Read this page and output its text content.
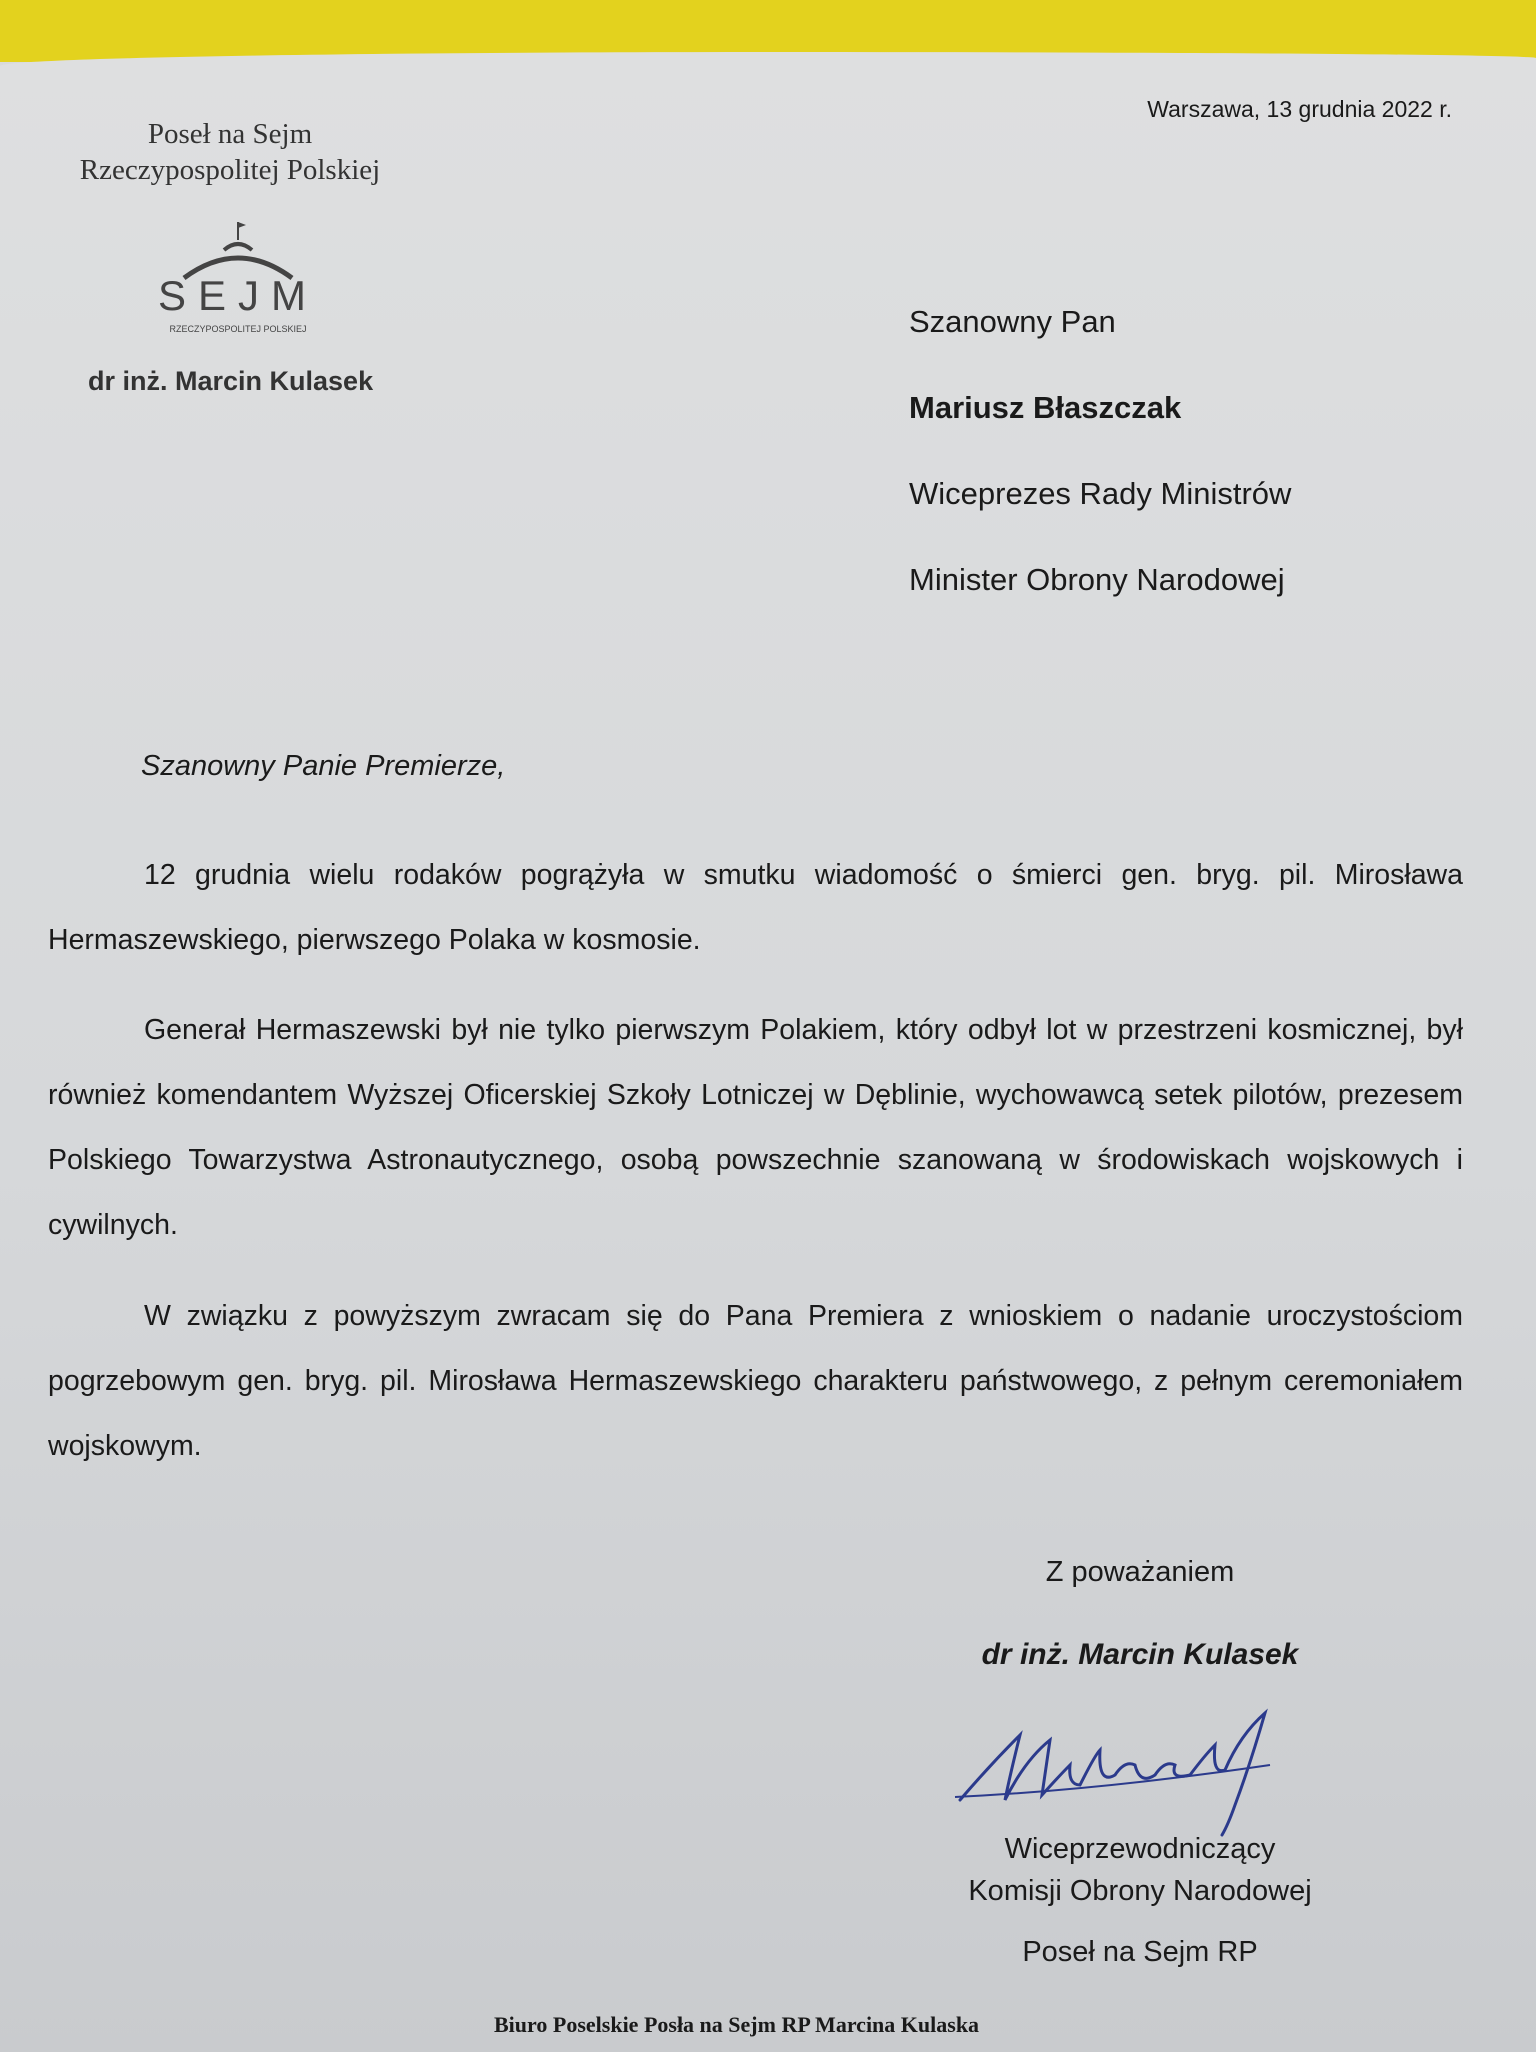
Poseł na Sejm
Rzeczypospolitej Polskiej
SEJM
RZECZYPOSPOLITEJ POLSKIEJ
dr inż. Marcin Kulasek
Warszawa, 13 grudnia 2022 r.
Szanowny Pan
Mariusz Błaszczak
Wiceprezes Rady Ministrów
Minister Obrony Narodowej
Szanowny Panie Premierze,

12 grudnia wielu rodaków pogrążyła w smutku wiadomość o śmierci gen. bryg. pil. Mirosława Hermaszewskiego, pierwszego Polaka w kosmosie.

Generał Hermaszewski był nie tylko pierwszym Polakiem, który odbył lot w przestrzeni kosmicznej, był również komendantem Wyższej Oficerskiej Szkoły Lotniczej w Dęblinie, wychowawcą setek pilotów, prezesem Polskiego Towarzystwa Astronautycznego, osobą powszechnie szanowaną w środowiskach wojskowych i cywilnych.

W związku z powyższym zwracam się do Pana Premiera z wnioskiem o nadanie uroczystościom pogrzebowym gen. bryg. pil. Mirosława Hermaszewskiego charakteru państwowego, z pełnym ceremoniałem wojskowym.

Z poważaniem
dr inż. Marcin Kulasek
Wiceprzewodniczący
Komisji Obrony Narodowej
Poseł na Sejm RP
Biuro Poselskie Posła na Sejm RP Marcina Kulaska
